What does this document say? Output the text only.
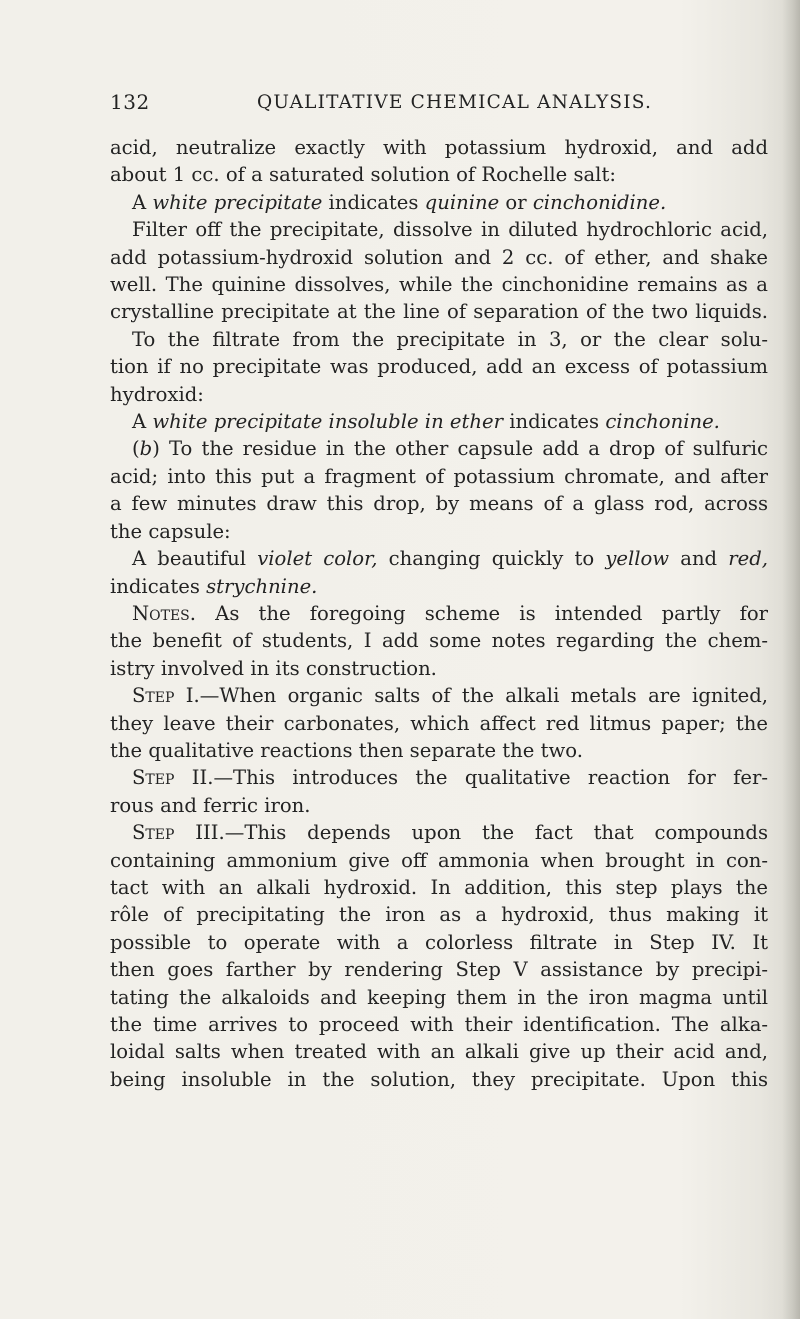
132	QUALITATIVE CHEMICAL ANALYSIS.
acid, neutralize exactly with potassium hydroxid, and add
about 1 cc. of a saturated solution of Rochelle salt:
A white precipitate indicates quinine or cinchonidine.
Filter off the precipitate, dissolve in diluted hydrochloric acid,
add potassium-hydroxid solution and 2 cc. of ether, and shake
well. The quinine dissolves, while the cinchonidine remains as a
crystalline precipitate at the line of separation of the two liquids.
To the filtrate from the precipitate in 3, or the clear solu-
tion if no precipitate was produced, add an excess of potassium
hydroxid:
A white precipitate insoluble in ether indicates cinchonine.
(b) To the residue in the other capsule add a drop of sulfuric
acid; into this put a fragment of potassium chromate, and after
a few minutes draw this drop, by means of a glass rod, across
the capsule:
A beautiful violet color, changing quickly to yellow and red,
indicates strychnine.
Notes. As the foregoing scheme is intended partly for
the benefit of students, I add some notes regarding the chem-
istry involved in its construction.
Step I.—When organic salts of the alkali metals are ignited,
they leave their carbonates, which affect red litmus paper; the
the qualitative reactions then separate the two.
Step II.—This introduces the qualitative reaction for fer-
rous and ferric iron.
Step III.—This depends upon the fact that compounds
containing ammonium give off ammonia when brought in con-
tact with an alkali hydroxid. In addition, this step plays the
rôle of precipitating the iron as a hydroxid, thus making it
possible to operate with a colorless filtrate in Step IV. It
then goes farther by rendering Step V assistance by precipi-
tating the alkaloids and keeping them in the iron magma until
the time arrives to proceed with their identification. The alka-
loidal salts when treated with an alkali give up their acid and,
being insoluble in the solution, they precipitate. Upon this
